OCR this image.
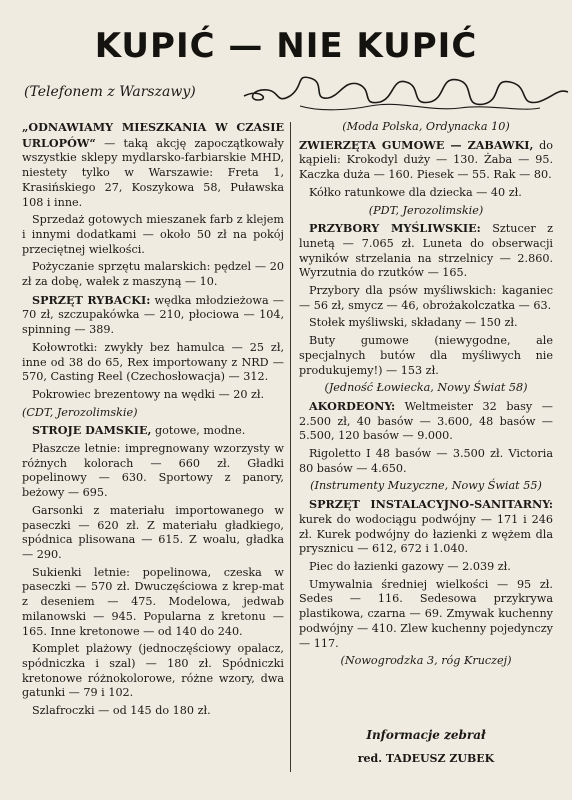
KUPIĆ — NIE KUPIĆ
(Telefonem z Warszawy)

„ODNAWIAMY MIESZKANIA W CZASIE URLOPÓW“ — taką akcję zapoczątkowały wszystkie sklepy mydlarsko-farbiarskie MHD, niestety tylko w Warszawie: Freta 1, Krasińskiego 27, Koszykowa 58, Puławska 108 i inne.

Sprzedaż gotowych mieszanek farb z klejem i innymi dodatkami — około 50 zł na pokój przeciętnej wielkości.

Pożyczanie sprzętu malarskich: pędzel — 20 zł za dobę, wałek z maszyną — 10.

SPRZĘT RYBACKI: wędka młodzieżowa — 70 zł, szczupakówka — 210, płociowa — 104, spinning — 389.

Kołowrotki: zwykły bez hamulca — 25 zł, inne od 38 do 65, Rex importowany z NRD — 570, Casting Reel (Czechosłowacja) — 312.

Pokrowiec brezentowy na wędki — 20 zł.

(CDT, Jerozolimskie)

STROJE DAMSKIE, gotowe, modne.

Płaszcze letnie: impregnowany wzorzysty w różnych kolorach — 660 zł. Gładki popelinowy — 630. Sportowy z panory, beżowy — 695.

Garsonki z materiału importowanego w paseczki — 620 zł. Z materiału gładkiego, spódnica plisowana — 615. Z woalu, gładka — 290.

Sukienki letnie: popelinowa, czeska w paseczki — 570 zł. Dwuczęściowa z krep-mat z deseniem — 475. Modelowa, jedwab milanowski — 945. Popularna z kretonu — 165. Inne kretonowe — od 140 do 240.

Komplet plażowy (jednoczęściowy opalacz, spódniczka i szal) — 180 zł. Spódniczki kretonowe różnokolorowe, różne wzory, dwa gatunki — 79 i 102.

Szlafroczki — od 145 do 180 zł.

(Moda Polska, Ordynacka 10)

ZWIERZĘTA GUMOWE — ZABAWKI, do kąpieli: Krokodyl duży — 130. Żaba — 95. Kaczka duża — 160. Piesek — 55. Rak — 80.

Kółko ratunkowe dla dziecka — 40 zł.

(PDT, Jerozolimskie)

PRZYBORY MYŚLIWSKIE: Sztucer z lunetą — 7.065 zł. Luneta do obserwacji wyników strzelania na strzelnicy — 2.860. Wyrzutnia do rzutków — 165.

Przybory dla psów myśliwskich: kaganiec — 56 zł, smycz — 46, obrożakolczatka — 63.

Stołek myśliwski, składany — 150 zł.

Buty gumowe (niewygodne, ale specjalnych butów dla myśliwych nie produkujemy!) — 153 zł.

(Jedność Łowiecka, Nowy Świat 58)

AKORDEONY: Weltmeister 32 basy — 2.500 zł, 40 basów — 3.600, 48 basów — 5.500, 120 basów — 9.000.

Rigoletto I 48 basów — 3.500 zł. Victoria 80 basów — 4.650.

(Instrumenty Muzyczne, Nowy Świat 55)

SPRZĘT INSTALACYJNO-SANITARNY: kurek do wodociągu podwójny — 171 i 246 zł. Kurek podwójny do łazienki z wężem dla prysznicu — 612, 672 i 1.040.

Piec do łazienki gazowy — 2.039 zł.

Umywalnia średniej wielkości — 95 zł. Sedes — 116. Sedesowa przykrywa plastikowa, czarna — 69. Zmywak kuchenny podwójny — 410. Zlew kuchenny pojedynczy — 117.

(Nowogrodzka 3, róg Kruczej)

Informacje zebrał
red. TADEUSZ ZUBEK
